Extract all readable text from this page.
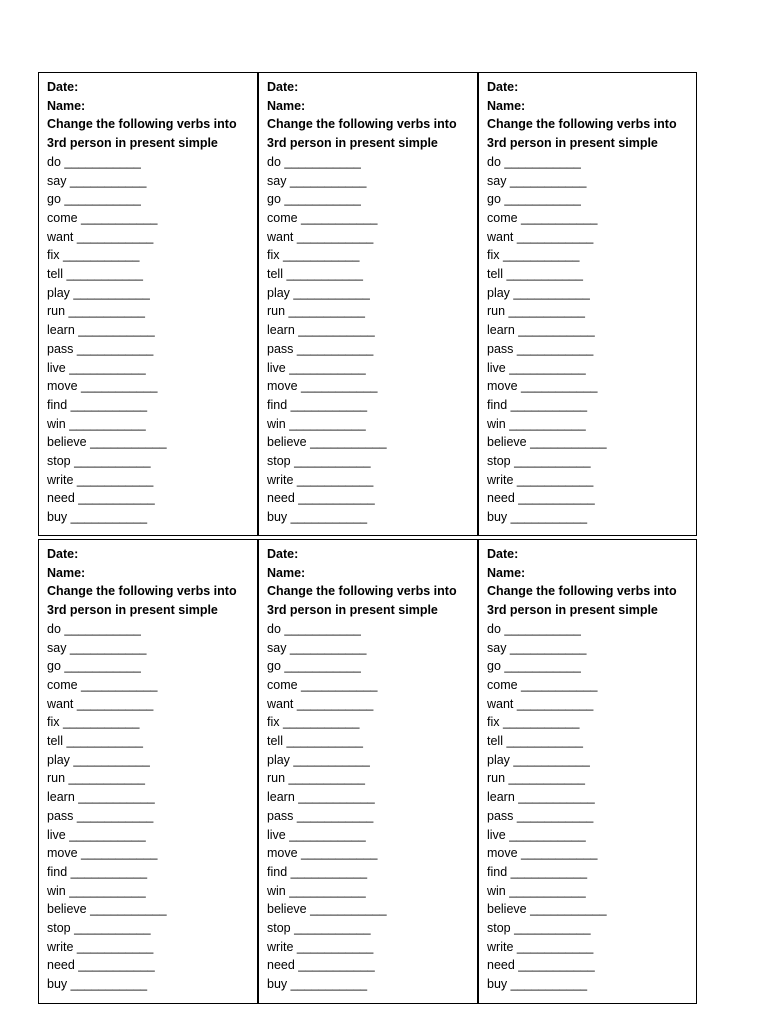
Date:
Name:
Change the following verbs into
3rd person in present simple
do ___________
say ___________
go ___________
come ___________
want ___________
fix ___________
tell ___________
play ___________
run ___________
learn ___________
pass ___________
live ___________
move ___________
find ___________
win ___________
believe ___________
stop ___________
write ___________
need ___________
buy ___________
Date:
Name:
Change the following verbs into
3rd person in present simple
do ___________
say ___________
go ___________
come ___________
want ___________
fix ___________
tell ___________
play ___________
run ___________
learn ___________
pass ___________
live ___________
move ___________
find ___________
win ___________
believe ___________
stop ___________
write ___________
need ___________
buy ___________
Date:
Name:
Change the following verbs into
3rd person in present simple
do ___________
say ___________
go ___________
come ___________
want ___________
fix ___________
tell ___________
play ___________
run ___________
learn ___________
pass ___________
live ___________
move ___________
find ___________
win ___________
believe ___________
stop ___________
write ___________
need ___________
buy ___________
Date:
Name:
Change the following verbs into
3rd person in present simple
do ___________
say ___________
go ___________
come ___________
want ___________
fix ___________
tell ___________
play ___________
run ___________
learn ___________
pass ___________
live ___________
move ___________
find ___________
win ___________
believe ___________
stop ___________
write ___________
need ___________
buy ___________
Date:
Name:
Change the following verbs into
3rd person in present simple
do ___________
say ___________
go ___________
come ___________
want ___________
fix ___________
tell ___________
play ___________
run ___________
learn ___________
pass ___________
live ___________
move ___________
find ___________
win ___________
believe ___________
stop ___________
write ___________
need ___________
buy ___________
Date:
Name:
Change the following verbs into
3rd person in present simple
do ___________
say ___________
go ___________
come ___________
want ___________
fix ___________
tell ___________
play ___________
run ___________
learn ___________
pass ___________
live ___________
move ___________
find ___________
win ___________
believe ___________
stop ___________
write ___________
need ___________
buy ___________
